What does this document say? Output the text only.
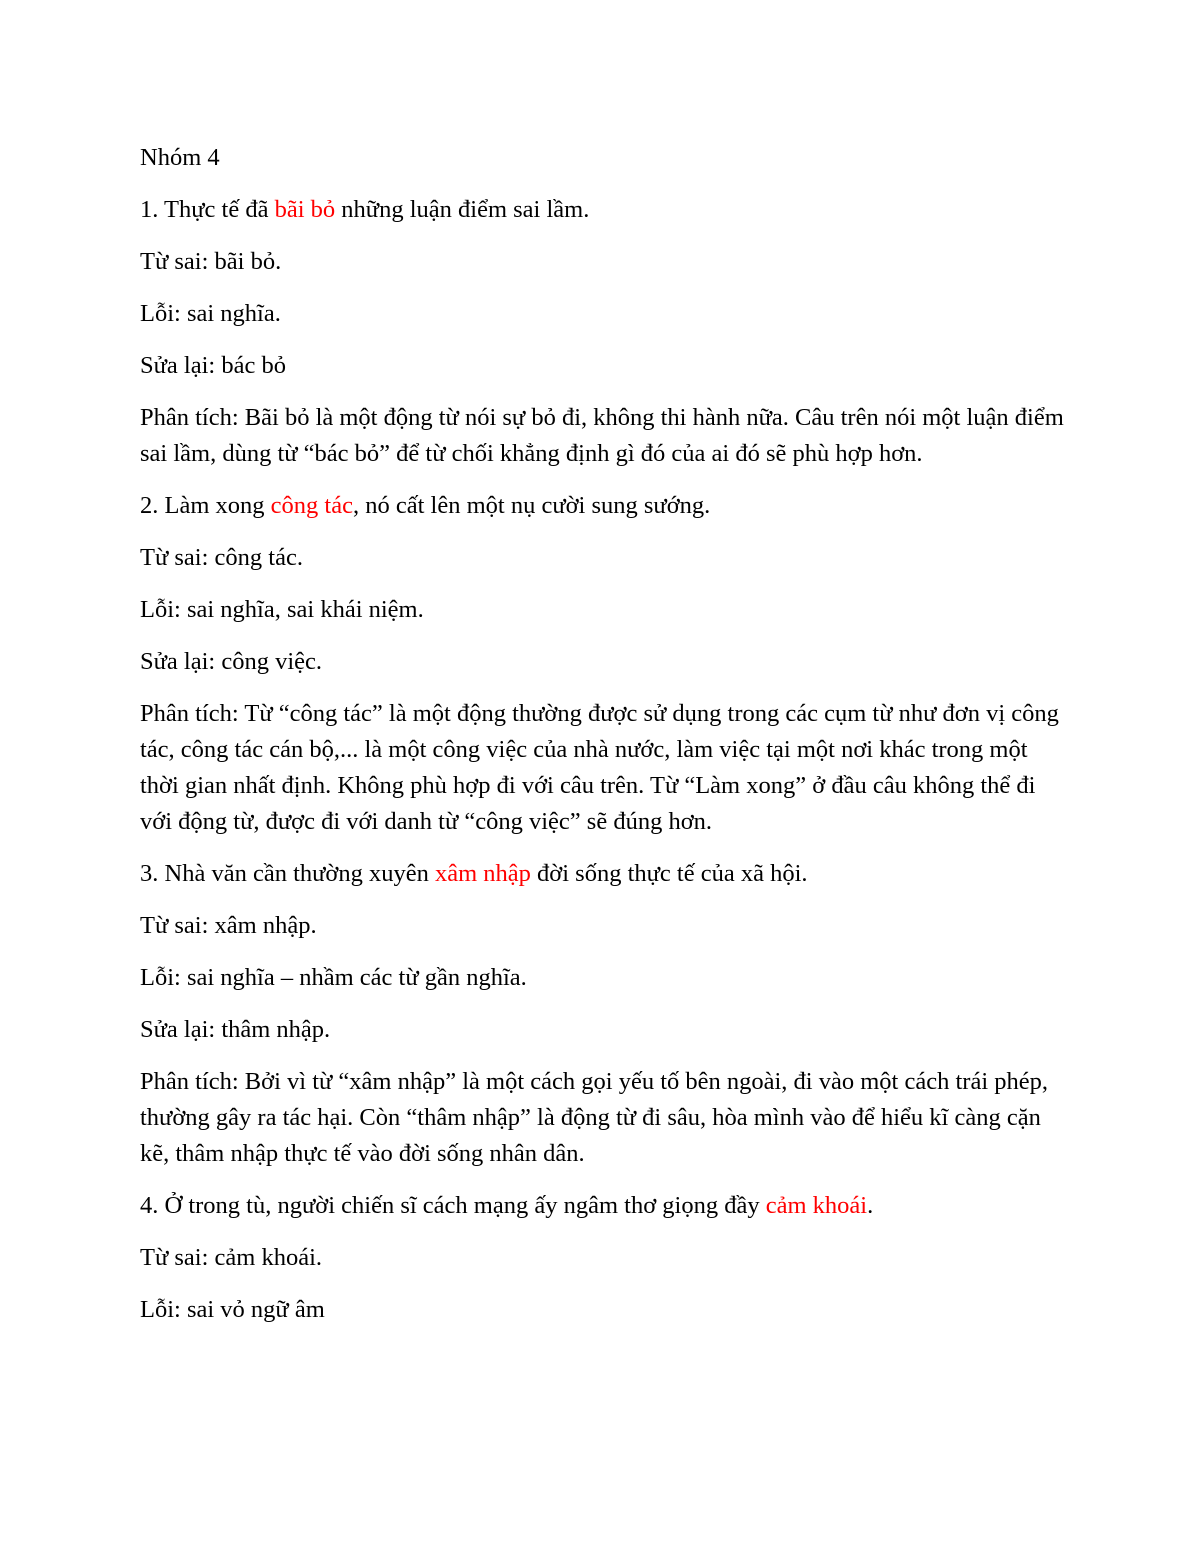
Nhóm 4

1. Thực tế đã bãi bỏ những luận điểm sai lầm.

Từ sai: bãi bỏ.

Lỗi: sai nghĩa.

Sửa lại: bác bỏ

Phân tích: Bãi bỏ là một động từ nói sự bỏ đi, không thi hành nữa. Câu trên nói một luận điểm sai lầm, dùng từ “bác bỏ” để từ chối khẳng định gì đó của ai đó sẽ phù hợp hơn.

2. Làm xong công tác, nó cất lên một nụ cười sung sướng.

Từ sai: công tác.

Lỗi: sai nghĩa, sai khái niệm.

Sửa lại: công việc.

Phân tích: Từ “công tác” là một động thường được sử dụng trong các cụm từ như đơn vị công tác, công tác cán bộ,... là một công việc của nhà nước, làm việc tại một nơi khác trong một thời gian nhất định. Không phù hợp đi với câu trên. Từ “Làm xong” ở đầu câu không thể đi với động từ, được đi với danh từ “công việc” sẽ đúng hơn.

3. Nhà văn cần thường xuyên xâm nhập đời sống thực tế của xã hội.

Từ sai: xâm nhập.

Lỗi: sai nghĩa – nhầm các từ gần nghĩa.

Sửa lại: thâm nhập.

Phân tích: Bởi vì từ “xâm nhập” là một cách gọi yếu tố bên ngoài, đi vào một cách trái phép, thường gây ra tác hại. Còn “thâm nhập” là động từ đi sâu, hòa mình vào để hiểu kĩ càng cặn kẽ, thâm nhập thực tế vào đời sống nhân dân.

4. Ở trong tù, người chiến sĩ cách mạng ấy ngâm thơ giọng đầy cảm khoái.

Từ sai: cảm khoái.

Lỗi: sai vỏ ngữ âm
